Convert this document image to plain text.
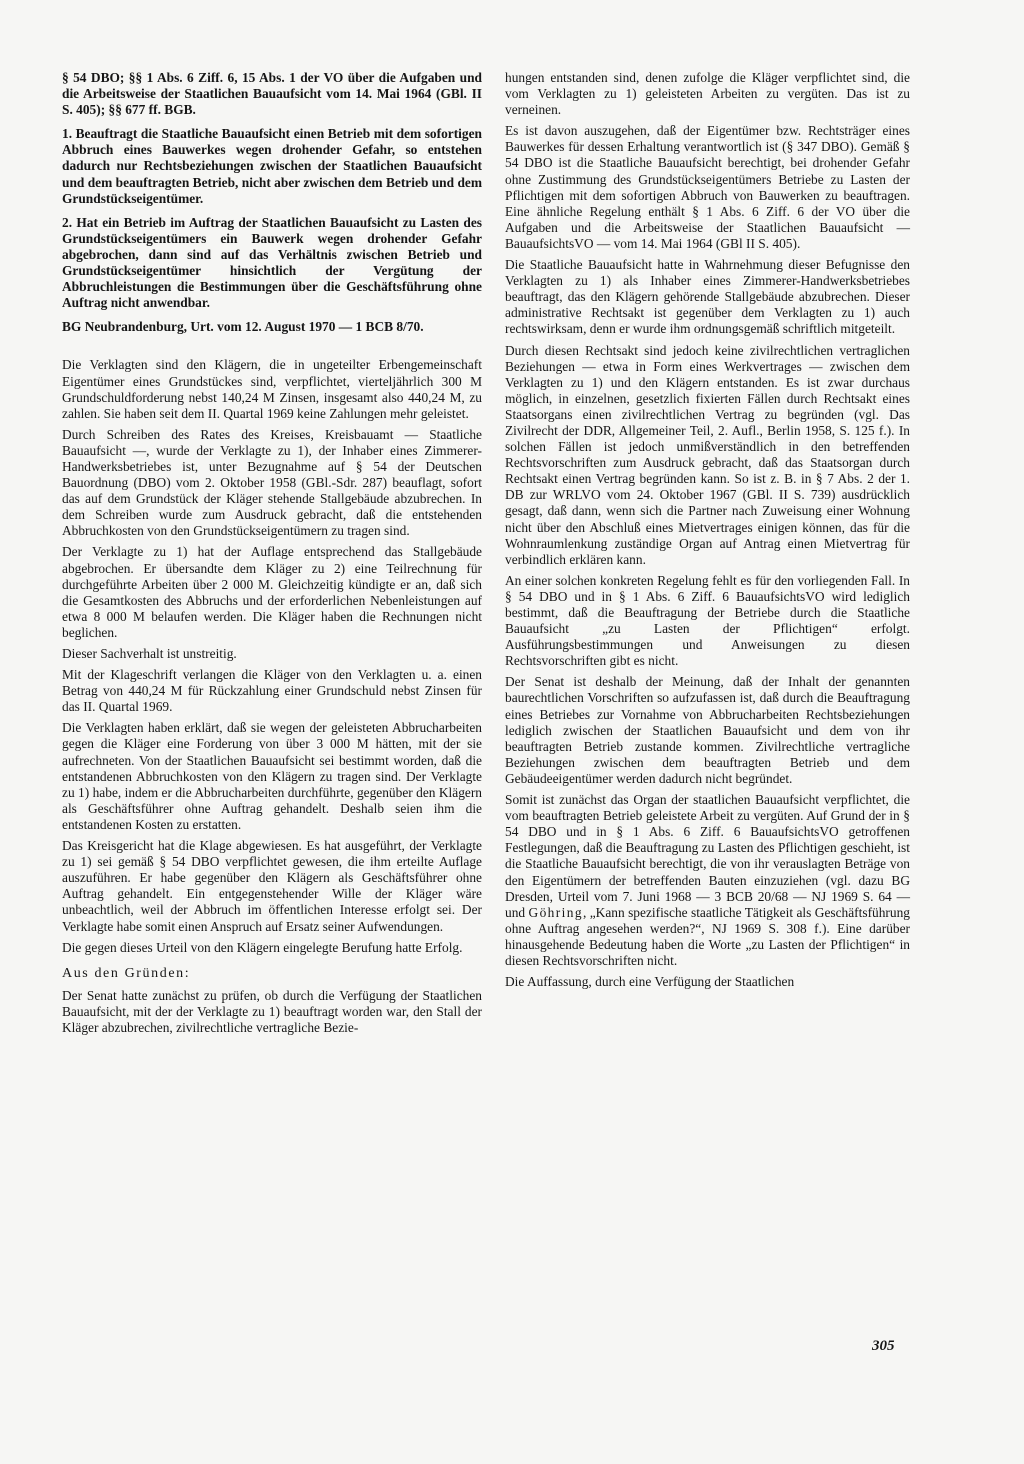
§ 54 DBO; §§ 1 Abs. 6 Ziff. 6, 15 Abs. 1 der VO über die Aufgaben und die Arbeitsweise der Staatlichen Bauaufsicht vom 14. Mai 1964 (GBl. II S. 405); §§ 677 ff. BGB.

1. Beauftragt die Staatliche Bauaufsicht einen Betrieb mit dem sofortigen Abbruch eines Bauwerkes wegen drohender Gefahr, so entstehen dadurch nur Rechtsbeziehungen zwischen der Staatlichen Bauaufsicht und dem beauftragten Betrieb, nicht aber zwischen dem Betrieb und dem Grundstückseigentümer.

2. Hat ein Betrieb im Auftrag der Staatlichen Bauaufsicht zu Lasten des Grundstückseigentümers ein Bauwerk wegen drohender Gefahr abgebrochen, dann sind auf das Verhältnis zwischen Betrieb und Grundstückseigentümer hinsichtlich der Vergütung der Abbruchleistungen die Bestimmungen über die Geschäftsführung ohne Auftrag nicht anwendbar.

BG Neubrandenburg, Urt. vom 12. August 1970 — 1 BCB 8/70.

Die Verklagten sind den Klägern, die in ungeteilter Erbengemeinschaft Eigentümer eines Grundstückes sind, verpflichtet, vierteljährlich 300 M Grundschuldforderung nebst 140,24 M Zinsen, insgesamt also 440,24 M, zu zahlen. Sie haben seit dem II. Quartal 1969 keine Zahlungen mehr geleistet.

Durch Schreiben des Rates des Kreises, Kreisbauamt — Staatliche Bauaufsicht —, wurde der Verklagte zu 1), der Inhaber eines Zimmerer-Handwerksbetriebes ist, unter Bezugnahme auf § 54 der Deutschen Bauordnung (DBO) vom 2. Oktober 1958 (GBl.-Sdr. 287) beauflagt, sofort das auf dem Grundstück der Kläger stehende Stallgebäude abzubrechen. In dem Schreiben wurde zum Ausdruck gebracht, daß die entstehenden Abbruchkosten von den Grundstückseigentümern zu tragen sind.

Der Verklagte zu 1) hat der Auflage entsprechend das Stallgebäude abgebrochen. Er übersandte dem Kläger zu 2) eine Teilrechnung für durchgeführte Arbeiten über 2 000 M. Gleichzeitig kündigte er an, daß sich die Gesamtkosten des Abbruchs und der erforderlichen Nebenleistungen auf etwa 8 000 M belaufen werden. Die Kläger haben die Rechnungen nicht beglichen.

Dieser Sachverhalt ist unstreitig.

Mit der Klageschrift verlangen die Kläger von den Verklagten u. a. einen Betrag von 440,24 M für Rückzahlung einer Grundschuld nebst Zinsen für das II. Quartal 1969.

Die Verklagten haben erklärt, daß sie wegen der geleisteten Abbrucharbeiten gegen die Kläger eine Forderung von über 3 000 M hätten, mit der sie aufrechneten. Von der Staatlichen Bauaufsicht sei bestimmt worden, daß die entstandenen Abbruchkosten von den Klägern zu tragen sind. Der Verklagte zu 1) habe, indem er die Abbrucharbeiten durchführte, gegenüber den Klägern als Geschäftsführer ohne Auftrag gehandelt. Deshalb seien ihm die entstandenen Kosten zu erstatten.

Das Kreisgericht hat die Klage abgewiesen. Es hat ausgeführt, der Verklagte zu 1) sei gemäß § 54 DBO verpflichtet gewesen, die ihm erteilte Auflage auszuführen. Er habe gegenüber den Klägern als Geschäftsführer ohne Auftrag gehandelt. Ein entgegenstehender Wille der Kläger wäre unbeachtlich, weil der Abbruch im öffentlichen Interesse erfolgt sei. Der Verklagte habe somit einen Anspruch auf Ersatz seiner Aufwendungen.

Die gegen dieses Urteil von den Klägern eingelegte Berufung hatte Erfolg.

Aus den Gründen:

Der Senat hatte zunächst zu prüfen, ob durch die Verfügung der Staatlichen Bauaufsicht, mit der der Verklagte zu 1) beauftragt worden war, den Stall der Kläger abzubrechen, zivilrechtliche vertragliche Bezie-

hungen entstanden sind, denen zufolge die Kläger verpflichtet sind, die vom Verklagten zu 1) geleisteten Arbeiten zu vergüten. Das ist zu verneinen.

Es ist davon auszugehen, daß der Eigentümer bzw. Rechtsträger eines Bauwerkes für dessen Erhaltung verantwortlich ist (§ 347 DBO). Gemäß § 54 DBO ist die Staatliche Bauaufsicht berechtigt, bei drohender Gefahr ohne Zustimmung des Grundstückseigentümers Betriebe zu Lasten der Pflichtigen mit dem sofortigen Abbruch von Bauwerken zu beauftragen. Eine ähnliche Regelung enthält § 1 Abs. 6 Ziff. 6 der VO über die Aufgaben und die Arbeitsweise der Staatlichen Bauaufsicht — BauaufsichtsVO — vom 14. Mai 1964 (GBl II S. 405).

Die Staatliche Bauaufsicht hatte in Wahrnehmung dieser Befugnisse den Verklagten zu 1) als Inhaber eines Zimmerer-Handwerksbetriebes beauftragt, das den Klägern gehörende Stallgebäude abzubrechen. Dieser administrative Rechtsakt ist gegenüber dem Verklagten zu 1) auch rechtswirksam, denn er wurde ihm ordnungsgemäß schriftlich mitgeteilt.

Durch diesen Rechtsakt sind jedoch keine zivilrechtlichen vertraglichen Beziehungen — etwa in Form eines Werkvertrages — zwischen dem Verklagten zu 1) und den Klägern entstanden. Es ist zwar durchaus möglich, in einzelnen, gesetzlich fixierten Fällen durch Rechtsakt eines Staatsorgans einen zivilrechtlichen Vertrag zu begründen (vgl. Das Zivilrecht der DDR, Allgemeiner Teil, 2. Aufl., Berlin 1958, S. 125 f.). In solchen Fällen ist jedoch unmißverständlich in den betreffenden Rechtsvorschriften zum Ausdruck gebracht, daß das Staatsorgan durch Rechtsakt einen Vertrag begründen kann. So ist z. B. in § 7 Abs. 2 der 1. DB zur WRLVO vom 24. Oktober 1967 (GBl. II S. 739) ausdrücklich gesagt, daß dann, wenn sich die Partner nach Zuweisung einer Wohnung nicht über den Abschluß eines Mietvertrages einigen können, das für die Wohnraumlenkung zuständige Organ auf Antrag einen Mietvertrag für verbindlich erklären kann.

An einer solchen konkreten Regelung fehlt es für den vorliegenden Fall. In § 54 DBO und in § 1 Abs. 6 Ziff. 6 BauaufsichtsVO wird lediglich bestimmt, daß die Beauftragung der Betriebe durch die Staatliche Bauaufsicht „zu Lasten der Pflichtigen“ erfolgt. Ausführungsbestimmungen und Anweisungen zu diesen Rechtsvorschriften gibt es nicht.

Der Senat ist deshalb der Meinung, daß der Inhalt der genannten baurechtlichen Vorschriften so aufzufassen ist, daß durch die Beauftragung eines Betriebes zur Vornahme von Abbrucharbeiten Rechtsbeziehungen lediglich zwischen der Staatlichen Bauaufsicht und dem von ihr beauftragten Betrieb zustande kommen. Zivilrechtliche vertragliche Beziehungen zwischen dem beauftragten Betrieb und dem Gebäudeeigentümer werden dadurch nicht begründet.

Somit ist zunächst das Organ der staatlichen Bauaufsicht verpflichtet, die vom beauftragten Betrieb geleistete Arbeit zu vergüten. Auf Grund der in § 54 DBO und in § 1 Abs. 6 Ziff. 6 BauaufsichtsVO getroffenen Festlegungen, daß die Beauftragung zu Lasten des Pflichtigen geschieht, ist die Staatliche Bauaufsicht berechtigt, die von ihr verauslagten Beträge von den Eigentümern der betreffenden Bauten einzuziehen (vgl. dazu BG Dresden, Urteil vom 7. Juni 1968 — 3 BCB 20/68 — NJ 1969 S. 64 — und Göhring, „Kann spezifische staatliche Tätigkeit als Geschäftsführung ohne Auftrag angesehen werden?“, NJ 1969 S. 308 f.). Eine darüber hinausgehende Bedeutung haben die Worte „zu Lasten der Pflichtigen“ in diesen Rechtsvorschriften nicht.

Die Auffassung, durch eine Verfügung der Staatlichen

305
